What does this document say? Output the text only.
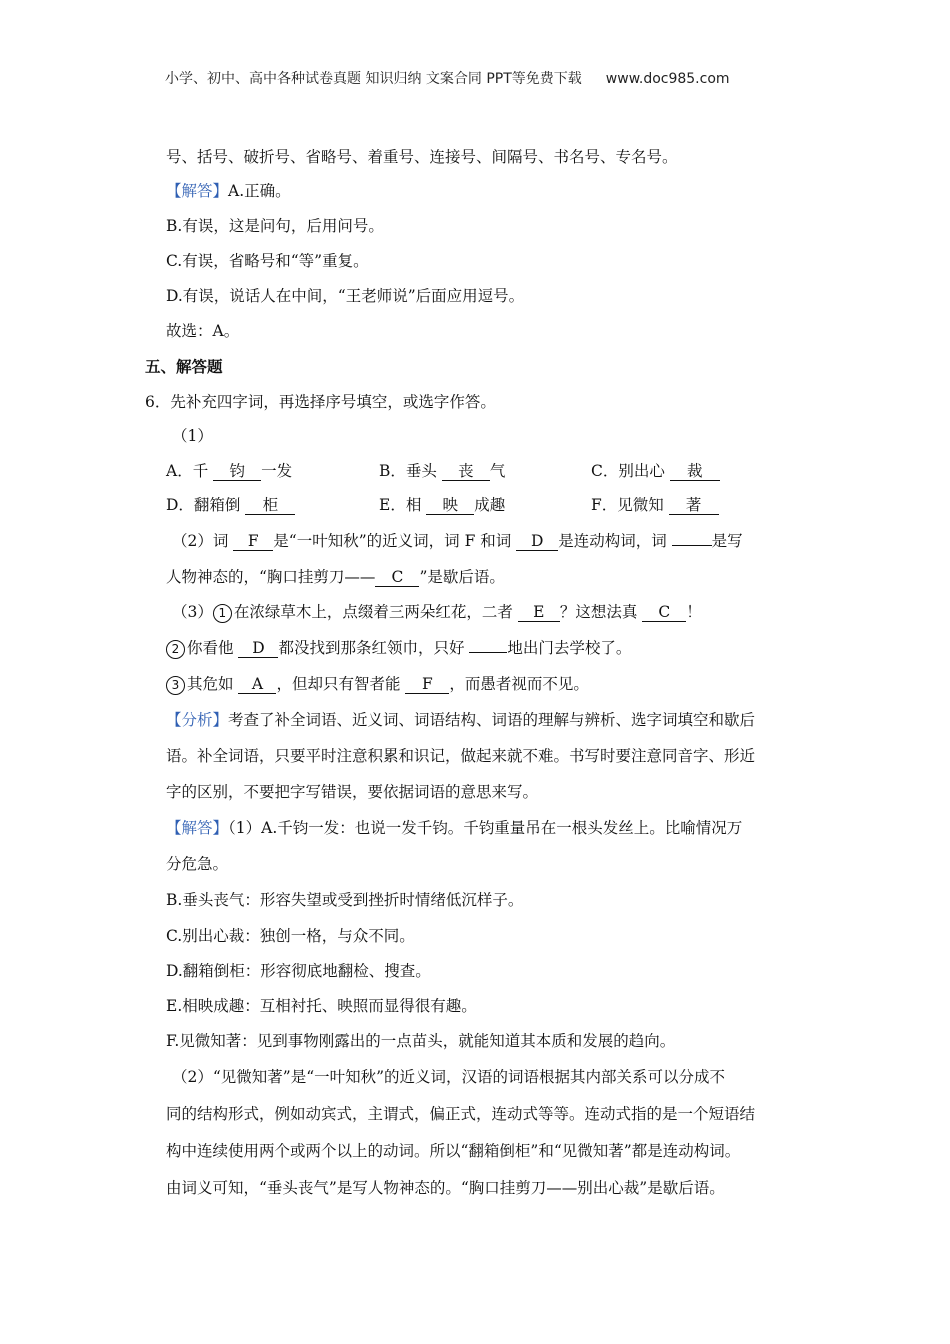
小学、初中、高中各种试卷真题 知识归纳 文案合同 PPT等免费下载 www.doc985.com
号、括号、破折号、省略号、着重号、连接号、间隔号、书名号、专名号。
【解答】A.正确。
B.有误，这是问句，后用问号。
C.有误，省略号和“等”重复。
D.有误，说话人在中间，“王老师说”后面应用逗号。
故选：A。
五、解答题
6．先补充四字词，再选择序号填空，或选字作答。
（1）
A．千 钧 一发	B．垂头 丧 气	C．别出心 裁
D．翻箱倒 柜	E．相 映 成趣	F．见微知 著
（2）词 F 是“一叶知秋”的近义词，词 F 和词 D 是连动构词，词	是写
人物神态的，“胸口挂剪刀—— C ”是歇后语。
（3） 1 在浓绿草木上，点缀着三两朵红花，二者 E ？这想法真 C ！
2 你看他 D 都没找到那条红领巾，只好 地出门去学校了。
3 其危如 A ，但却只有智者能 F ，而愚者视而不见。
【分析】考查了补全词语、近义词、词语结构、词语的理解与辨析、选字词填空和歇后
语。补全词语，只要平时注意积累和识记，做起来就不难。书写时要注意同音字、形近
字的区别，不要把字写错误，要依据词语的意思来写。
【解答】（1）A.千钧一发：也说一发千钧。千钧重量吊在一根头发丝上。比喻情况万
分危急。
B.垂头丧气：形容失望或受到挫折时情绪低沉样子。
C.别出心裁：独创一格，与众不同。
D.翻箱倒柜：形容彻底地翻检、搜查。
E.相映成趣：互相衬托、映照而显得很有趣。
F.见微知著：见到事物刚露出的一点苗头，就能知道其本质和发展的趋向。
（2）“见微知著”是“一叶知秋”的近义词，汉语的词语根据其内部关系可以分成不
同的结构形式，例如动宾式，主谓式，偏正式，连动式等等。连动式指的是一个短语结
构中连续使用两个或两个以上的动词。所以“翻箱倒柜”和“见微知著”都是连动构词。
由词义可知，“垂头丧气”是写人物神态的。“胸口挂剪刀——别出心裁”是歇后语。
